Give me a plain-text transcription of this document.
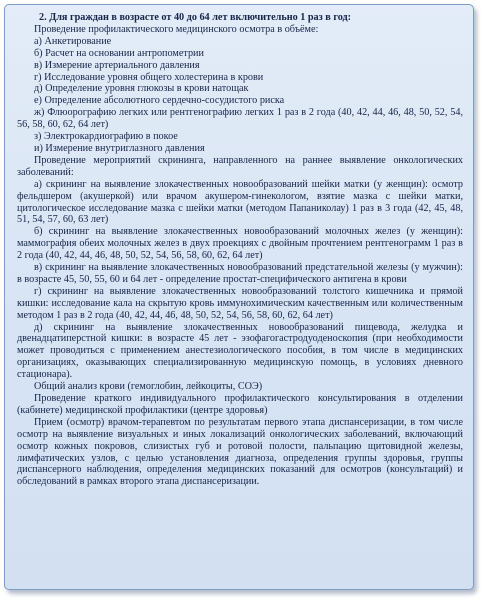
2. Для граждан в возрасте от 40 до 64 лет включительно 1 раз в год:

Проведение профилактического медицинского осмотра в объёме:

а) Анкетирование

б) Расчет на основании антропометрии

в) Измерение артериального давления

г) Исследование уровня общего холестерина в крови

д) Определение уровня глюкозы в крови натощак

е) Определение абсолютного сердечно-сосудистого риска

ж) Флюорографию легких или рентгенографию легких 1 раз в 2 года (40, 42, 44, 46, 48, 50, 52, 54, 56, 58, 60, 62, 64 лет)

з) Электрокардиографию в покое

и) Измерение внутриглазного давления

Проведение мероприятий скрининга, направленного на раннее выявление онкологических заболеваний:

а) скрининг на выявление злокачественных новообразований шейки матки (у женщин): осмотр фельдшером (акушеркой) или врачом акушером-гинекологом, взятие мазка с шейки матки, цитологическое исследование мазка с шейки матки (методом Папаниколау) 1 раз в 3 года (42, 45, 48, 51, 54, 57, 60, 63 лет)

б) скрининг на выявление злокачественных новообразований молочных желез (у женщин): маммография обеих молочных желез в двух проекциях с двойным прочтением рентгенограмм 1 раз в 2 года (40, 42, 44, 46, 48, 50, 52, 54, 56, 58, 60, 62, 64 лет)

в) скрининг на выявление злокачественных новообразований предстательной железы (у мужчин): в возрасте 45, 50, 55, 60 и 64 лет - определение простат-специфического антигена в крови

г) скрининг на выявление злокачественных новообразований толстого кишечника и прямой кишки: исследование кала на скрытую кровь иммунохимическим качественным или количественным методом 1 раз в 2 года (40, 42, 44, 46, 48, 50, 52, 54, 56, 58, 60, 62, 64 лет)

д) скрининг на выявление злокачественных новообразований пищевода, желудка и двенадцатиперстной кишки: в возрасте 45 лет - эзофагогастродуоденоскопия (при необходимости может проводиться с применением анестезиологического пособия, в том числе в медицинских организациях, оказывающих специализированную медицинскую помощь, в условиях дневного стационара).

Общий анализ крови (гемоглобин, лейкоциты, СОЭ)

Проведение краткого индивидуального профилактического консультирования в отделении (кабинете) медицинской профилактики (центре здоровья)

Прием (осмотр) врачом-терапевтом по результатам первого этапа диспансеризации, в том числе осмотр на выявление визуальных и иных локализаций онкологических заболеваний, включающий осмотр кожных покровов, слизистых губ и ротовой полости, пальпацию щитовидной железы, лимфатических узлов, с целью установления диагноза, определения группы здоровья, группы диспансерного наблюдения, определения медицинских показаний для осмотров (консультаций) и обследований в рамках второго этапа диспансеризации.
